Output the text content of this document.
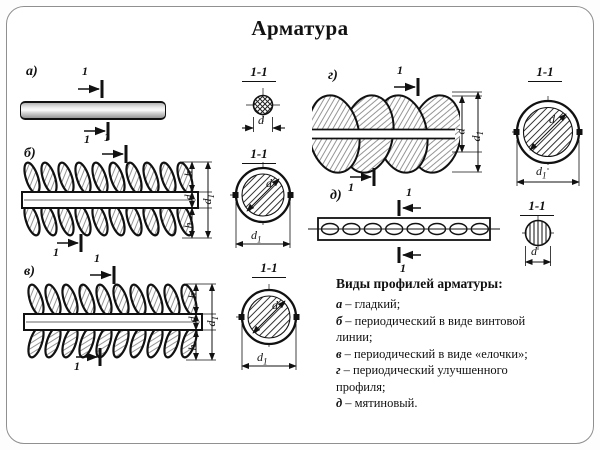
Арматура
а)	1
1
1-1
d
б)
1
1
h
d
$d_1$
h
1-1
d
$d_1$
в)
1
1
h
d
$d_1$
h
1-1
d
$d_1$
г)	1
1
d
$d_1$
1-1
d
$d_1$
д)	1
1
1-1
d
Виды профилей арматуры:
а – гладкий;
б – периодический в виде винтовой линии;
в – периодический в виде «елочки»;
г – периодический улучшенного профиля;
д – мятиновый.
